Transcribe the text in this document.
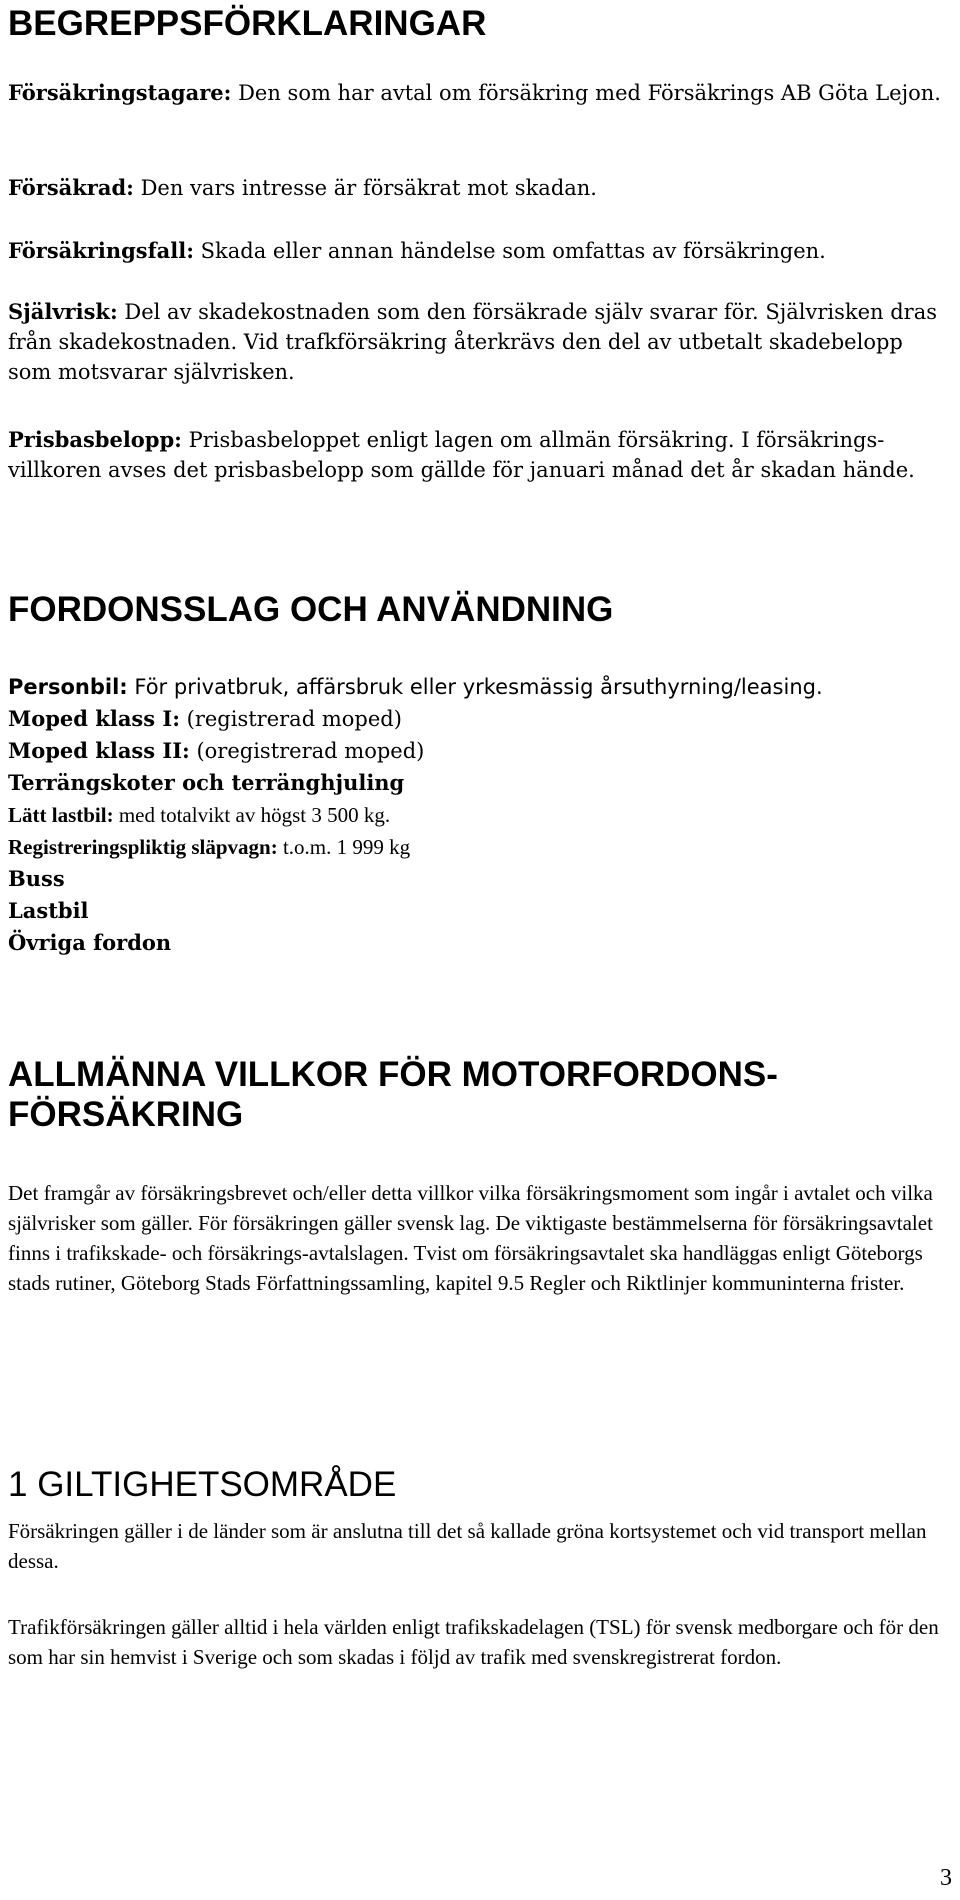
BEGREPPSFÖRKLARINGAR

Försäkringstagare: Den som har avtal om försäkring med Försäkrings AB Göta Lejon.

Försäkrad: Den vars intresse är försäkrat mot skadan.

Försäkringsfall: Skada eller annan händelse som omfattas av försäkringen.

Självrisk: Del av skadekostnaden som den försäkrade själv svarar för. Självrisken dras från skadekostnaden. Vid trafkförsäkring återkrävs den del av utbetalt skadebelopp som motsvarar självrisken.

Prisbasbelopp: Prisbasbeloppet enligt lagen om allmän försäkring. I försäkrings-villkoren avses det prisbasbelopp som gällde för januari månad det år skadan hände.

FORDONSSLAG OCH ANVÄNDNING

Personbil: För privatbruk, affärsbruk eller yrkesmässig årsuthyrning/leasing.

Moped klass I: (registrerad moped)

Moped klass II: (oregistrerad moped)

Terrängskoter och terränghjuling

Lätt lastbil: med totalvikt av högst 3 500 kg.

Registreringspliktig släpvagn: t.o.m. 1 999 kg

Buss

Lastbil

Övriga fordon

ALLMÄNNA VILLKOR FÖR MOTORFORDONS-
FÖRSÄKRING

Det framgår av försäkringsbrevet och/eller detta villkor vilka försäkringsmoment som ingår i avtalet och vilka självrisker som gäller. För försäkringen gäller svensk lag. De viktigaste bestämmelserna för försäkringsavtalet finns i trafikskade- och försäkrings-avtalslagen. Tvist om försäkringsavtalet ska handläggas enligt Göteborgs stads rutiner, Göteborg Stads Författningssamling, kapitel 9.5 Regler och Riktlinjer kommuninterna frister.

1 GILTIGHETSOMRÅDE

Försäkringen gäller i de länder som är anslutna till det så kallade gröna kortsystemet och vid transport mellan dessa.

Trafikförsäkringen gäller alltid i hela världen enligt trafikskadelagen (TSL) för svensk medborgare och för den som har sin hemvist i Sverige och som skadas i följd av trafik med svenskregistrerat fordon.

3
